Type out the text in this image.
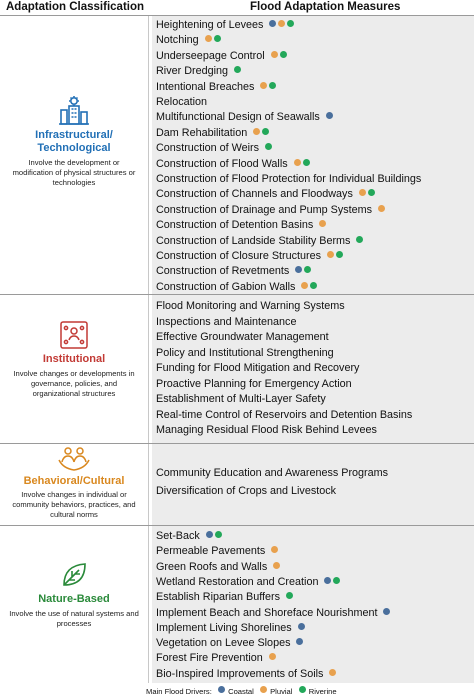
Adaptation Classification	Flood Adaptation Measures
Infrastructural/
Technological
Involve the development or modification of physical structures or technologies
Heightening of Levees
Notching
Underseepage Control
River Dredging
Intentional Breaches
Relocation
Multifunctional Design of Seawalls
Dam Rehabilitation
Construction of Weirs
Construction of Flood Walls
Construction of Flood Protection for Individual Buildings
Construction of Channels and Floodways
Construction of Drainage and Pump Systems
Construction of Detention Basins
Construction of Landside Stability Berms
Construction of Closure Structures
Construction of Revetments
Construction of Gabion Walls
Institutional
Involve changes or developments in governance, policies, and organizational structures
Flood Monitoring and Warning Systems
Inspections and Maintenance
Effective Groundwater Management
Policy and Institutional Strengthening
Funding for Flood Mitigation and Recovery
Proactive Planning for Emergency Action
Establishment of Multi-Layer Safety
Real-time Control of Reservoirs and Detention Basins
Managing Residual Flood Risk Behind Levees
Behavioral/Cultural
Involve changes in individual or community behaviors, practices, and cultural norms
Community Education and Awareness Programs
Diversification of Crops and Livestock
Nature-Based
Involve the use of natural systems and processes
Set-Back
Permeable Pavements
Green Roofs and Walls
Wetland Restoration and Creation
Establish Riparian Buffers
Implement Beach and Shoreface Nourishment
Implement Living Shorelines
Vegetation on Levee Slopes
Forest Fire Prevention
Bio-Inspired Improvements of Soils
Main Flood Drivers: Coastal Pluvial Riverine
